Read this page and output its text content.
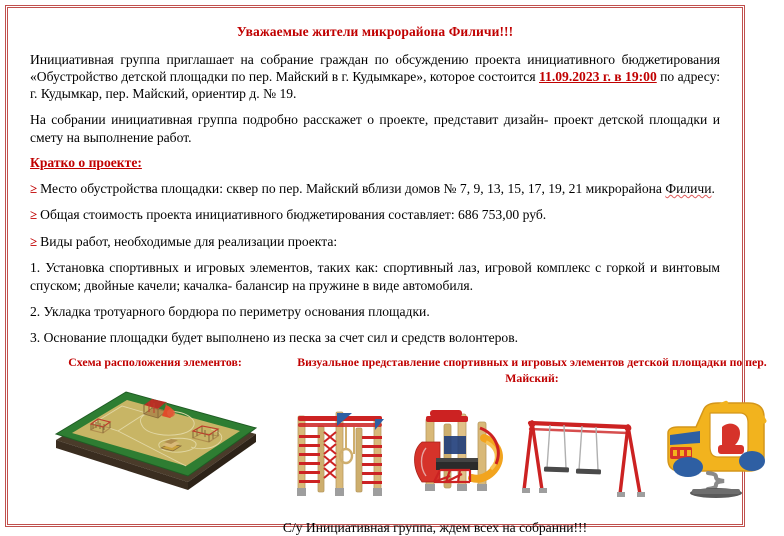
Уважаемые жители микрорайона Филичи!!!

Инициативная группа приглашает на собрание граждан по обсуждению проекта инициативного бюджетирования «Обустройство детской площадки по пер. Майский в г. Кудымкаре», которое состоится 11.09.2023 г. в 19:00 по адресу: г. Кудымкар, пер. Майский, ориентир д. № 19.

На собрании инициативная группа подробно расскажет о проекте, представит дизайн- проект детской площадки и смету на выполнение работ.

Кратко о проекте:
≥ Место обустройства площадки: сквер по пер. Майский вблизи домов № 7, 9, 13, 15, 17, 19, 21 микрорайона Филичи.
≥ Общая стоимость проекта инициативного бюджетирования составляет: 686 753,00 руб.
≥ Виды работ, необходимые для реализации проекта:
1. Установка спортивных и игровых элементов, таких как: спортивный лаз, игровой комплекс с горкой и винтовым спуском; двойные качели; качалка- балансир на пружине в виде автомобиля.
2. Укладка тротуарного бордюра по периметру основания площадки.
3. Основание площадки будет выполнено из песка за счет сил и средств волонтеров.
Схема расположения элементов:	Визуальное представление спортивных и игровых элементов детской площадки по пер. Майский:
С/у Инициативная группа, ждем всех на собранни!!!
